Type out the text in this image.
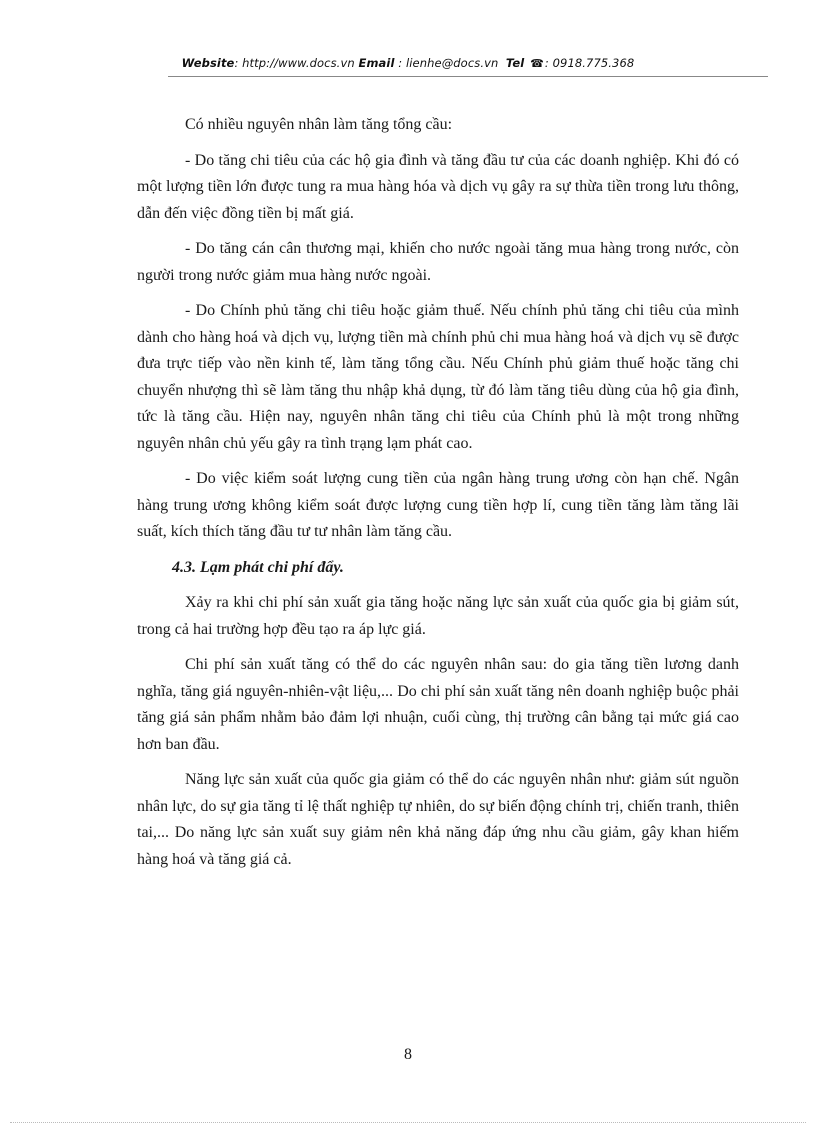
Website: http://www.docs.vn Email : lienhe@docs.vn Tel ☎: 0918.775.368

Có nhiều nguyên nhân làm tăng tổng cầu:

- Do tăng chi tiêu của các hộ gia đình và tăng đầu tư của các doanh nghiệp. Khi đó có một lượng tiền lớn được tung ra mua hàng hóa và dịch vụ gây ra sự thừa tiền trong lưu thông, dẫn đến việc đồng tiền bị mất giá.

- Do tăng cán cân thương mại, khiến cho nước ngoài tăng mua hàng trong nước, còn người trong nước giảm mua hàng nước ngoài.

- Do Chính phủ tăng chi tiêu hoặc giảm thuế. Nếu chính phủ tăng chi tiêu của mình dành cho hàng hoá và dịch vụ, lượng tiền mà chính phủ chi mua hàng hoá và dịch vụ sẽ được đưa trực tiếp vào nền kinh tế, làm tăng tổng cầu. Nếu Chính phủ giảm thuế hoặc tăng chi chuyển nhượng thì sẽ làm tăng thu nhập khả dụng, từ đó làm tăng tiêu dùng của hộ gia đình, tức là tăng cầu. Hiện nay, nguyên nhân tăng chi tiêu của Chính phủ là một trong những nguyên nhân chủ yếu gây ra tình trạng lạm phát cao.

- Do việc kiểm soát lượng cung tiền của ngân hàng trung ương còn hạn chế. Ngân hàng trung ương không kiểm soát được lượng cung tiền hợp lí, cung tiền tăng làm tăng lãi suất, kích thích tăng đầu tư tư nhân làm tăng cầu.

4.3. Lạm phát chi phí đẩy.

Xảy ra khi chi phí sản xuất gia tăng hoặc năng lực sản xuất của quốc gia bị giảm sút, trong cả hai trường hợp đều tạo ra áp lực giá.

Chi phí sản xuất tăng có thể do các nguyên nhân sau: do gia tăng tiền lương danh nghĩa, tăng giá nguyên-nhiên-vật liệu,... Do chi phí sản xuất tăng nên doanh nghiệp buộc phải tăng giá sản phẩm nhằm bảo đảm lợi nhuận, cuối cùng, thị trường cân bằng tại mức giá cao hơn ban đầu.

Năng lực sản xuất của quốc gia giảm có thể do các nguyên nhân như: giảm sút nguồn nhân lực, do sự gia tăng tỉ lệ thất nghiệp tự nhiên, do sự biến động chính trị, chiến tranh, thiên tai,... Do năng lực sản xuất suy giảm nên khả năng đáp ứng nhu cầu giảm, gây khan hiếm hàng hoá và tăng giá cả.

8
